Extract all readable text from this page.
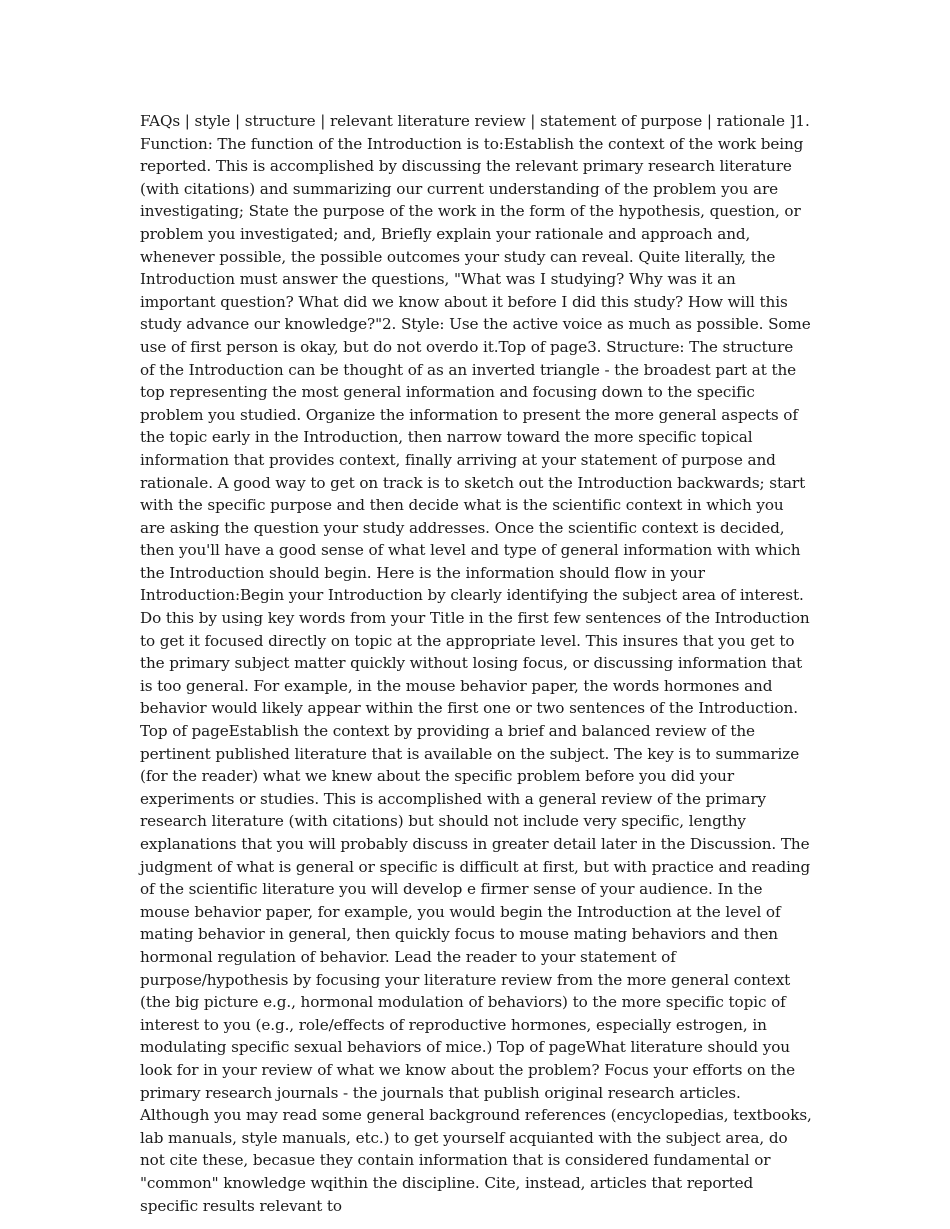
FAQs | style | structure | relevant literature review | statement of purpose | rationale ]1. Function: The function of the Introduction is to:Establish the context of the work being reported. This is accomplished by discussing the relevant primary research literature (with citations) and summarizing our current understanding of the problem you are investigating; State the purpose of the work in the form of the hypothesis, question, or problem you investigated; and, Briefly explain your rationale and approach and, whenever possible, the possible outcomes your study can reveal. Quite literally, the Introduction must answer the questions, "What was I studying? Why was it an important question? What did we know about it before I did this study? How will this study advance our knowledge?"2. Style: Use the active voice as much as possible. Some use of first person is okay, but do not overdo it.Top of page3. Structure: The structure of the Introduction can be thought of as an inverted triangle - the broadest part at the top representing the most general information and focusing down to the specific problem you studied. Organize the information to present the more general aspects of the topic early in the Introduction, then narrow toward the more specific topical information that provides context, finally arriving at your statement of purpose and rationale. A good way to get on track is to sketch out the Introduction backwards; start with the specific purpose and then decide what is the scientific context in which you are asking the question your study addresses. Once the scientific context is decided, then you'll have a good sense of what level and type of general information with which the Introduction should begin. Here is the information should flow in your Introduction:Begin your Introduction by clearly identifying the subject area of interest. Do this by using key words from your Title in the first few sentences of the Introduction to get it focused directly on topic at the appropriate level. This insures that you get to the primary subject matter quickly without losing focus, or discussing information that is too general. For example, in the mouse behavior paper, the words hormones and behavior would likely appear within the first one or two sentences of the Introduction. Top of pageEstablish the context by providing a brief and balanced review of the pertinent published literature that is available on the subject. The key is to summarize (for the reader) what we knew about the specific problem before you did your experiments or studies. This is accomplished with a general review of the primary research literature (with citations) but should not include very specific, lengthy explanations that you will probably discuss in greater detail later in the Discussion. The judgment of what is general or specific is difficult at first, but with practice and reading of the scientific literature you will develop e firmer sense of your audience. In the mouse behavior paper, for example, you would begin the Introduction at the level of mating behavior in general, then quickly focus to mouse mating behaviors and then hormonal regulation of behavior. Lead the reader to your statement of purpose/hypothesis by focusing your literature review from the more general context (the big picture e.g., hormonal modulation of behaviors) to the more specific topic of interest to you (e.g., role/effects of reproductive hormones, especially estrogen, in modulating specific sexual behaviors of mice.) Top of pageWhat literature should you look for in your review of what we know about the problem? Focus your efforts on the primary research journals - the journals that publish original research articles. Although you may read some general background references (encyclopedias, textbooks, lab manuals, style manuals, etc.) to get yourself acquianted with the subject area, do not cite these, becasue they contain information that is considered fundamental or "common" knowledge wqithin the discipline. Cite, instead, articles that reported specific results relevant to
